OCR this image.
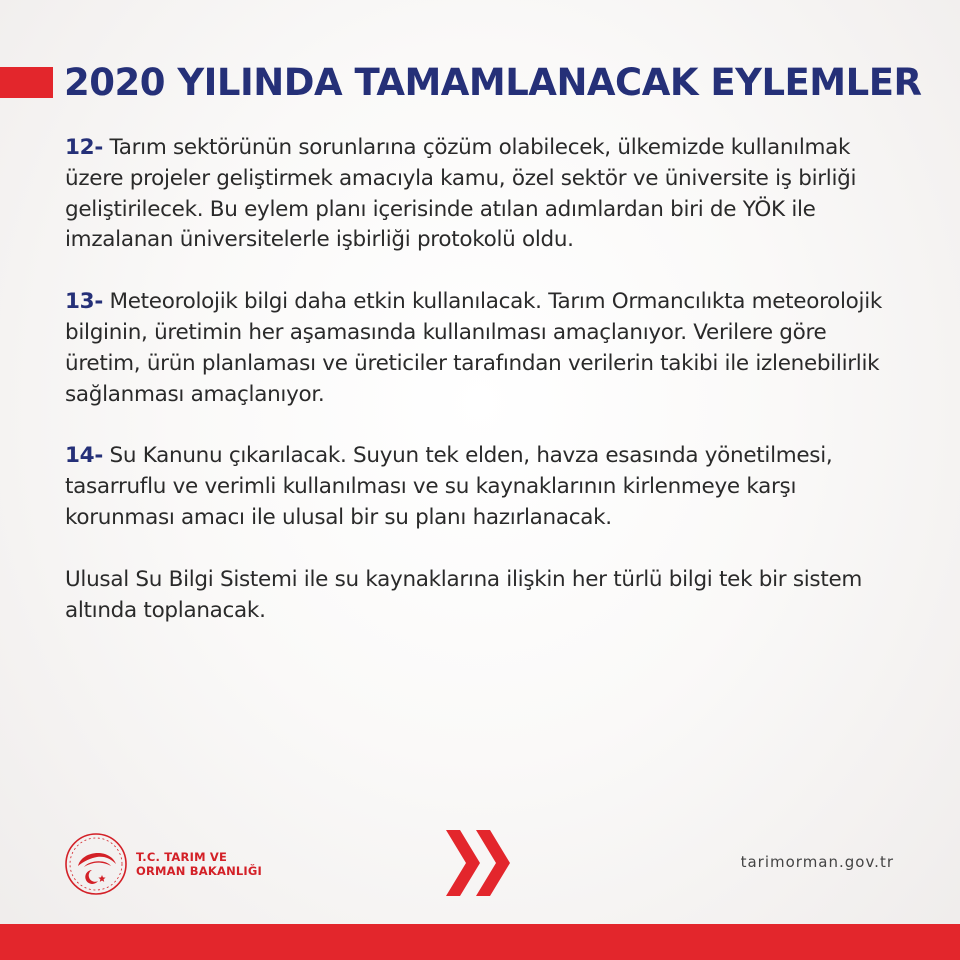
2020 YILINDA TAMAMLANACAK EYLEMLER

12- Tarım sektörünün sorunlarına çözüm olabilecek, ülkemizde kullanılmak üzere projeler geliştirmek amacıyla kamu, özel sektör ve üniversite iş birliği geliştirilecek. Bu eylem planı içerisinde atılan adımlardan biri de YÖK ile imzalanan üniversitelerle işbirliği protokolü oldu.

13- Meteorolojik bilgi daha etkin kullanılacak. Tarım Ormancılıkta meteorolojik bilginin, üretimin her aşamasında kullanılması amaçlanıyor. Verilere göre üretim, ürün planlaması ve üreticiler tarafından verilerin takibi ile izlenebilirlik sağlanması amaçlanıyor.

14- Su Kanunu çıkarılacak. Suyun tek elden, havza esasında yönetilmesi, tasarruflu ve verimli kullanılması ve su kaynaklarının kirlenmeye karşı korunması amacı ile ulusal bir su planı hazırlanacak.

Ulusal Su Bilgi Sistemi ile su kaynaklarına ilişkin her türlü bilgi tek bir sistem altında toplanacak.

T.C. TARIM VE
ORMAN BAKANLIĞI	tarimorman.gov.tr
